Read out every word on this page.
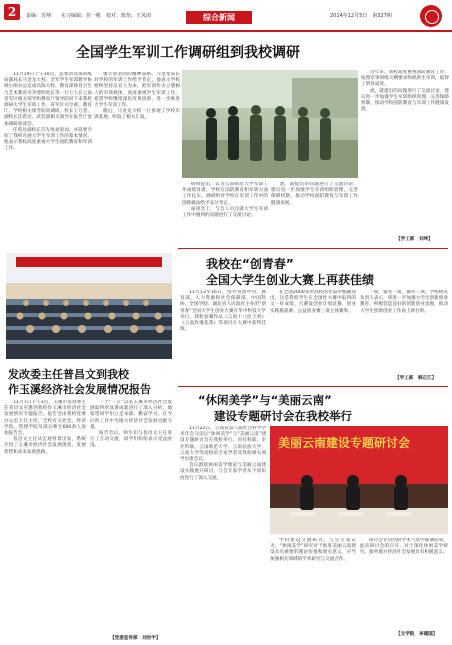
2	责编：苏翔　　实习编辑：侯一帆　校对：陈怡、王凤雨	综合新闻	2014年12月5日　第327期
全国学生军训工作调研组到我校调研

11月19日上午10点，总参动员部训练局副局长马金龙大校、全军学生军训教学协调小组办公室成员陈大校、教育部体育卫生与艺术教育司李建明处长等一行七人在云南省军区相关领导和教育厅领导陪同下来我校调研大学生军训工作，省军区司令部、教育厅、学校相关领导陪同调研。校长王万金、副校长任希达、武装部相关领导在报告厅参加调研座谈会。

任希达副校长首先致欢迎词，并简要介绍了我校开展大学生军训工作的基本情况，他表示我校高度重视大学生国防教育和军训工作。

强大而坚固的精神品格。马金龙局长对学校的军训工作给予肯定，他表示学校始终坚持以育人为本，把军训作为立德树人的有效载体，高度重视学生军训工作。希望学校继续深化改革创新，进一步推进大学生军训工作。

随后，马金龙大校一行参观了学校军训基地，听取了相关汇报。

研组提出，认为云南师范大学军训工作成绩显著，学校在国防教育和军训方面工作扎实。调研组对学校在军训工作中的创新做法给予充分肯定。

座谈会上，与会人员还就大学生军训工作中遇到的问题进行了交流讨论。

流，就提出的问题进行了交流讨论，建议进一步加强学生军训组织管理，完善保障机制，推动学校国防教育与军训工作健康发展。

近年来，我校高度重视国防教育工作，按照军事训练大纲要求组织新生军训，取得了明显成效。

流，就提出的问题进行了交流讨论，建议进一步加强学生军训组织管理，完善保障机制，推动学校国防教育与军训工作健康发展。

【学工部　刘坤】
我校在“创青春”
全国大学生创业大赛上再获佳绩

11月13至16日，由共青团中央、教育部、人力资源和社会保障部、中国科协、全国学联、湖北省人民政府主办的“创青春”全国大学生创业大赛在华中科技大学举行。我校参赛作品《云南十八怪土鸡》《云南玫瑰花茶》等项目在大赛中获得佳绩。

在全国2000多所高校的作品中脱颖而出，这是我校学生在全国性大赛中取得的又一好成绩。大赛设创业计划竞赛、创业实践挑战赛、公益创业赛三项主体赛事。

一项，银奖一项，铜奖一项。学校相关负责人表示，将进一步加强大学生创新创业教育，积极营造良好的创新创业氛围，推动大学生创新创业工作再上新台阶。

【学工部　韩正江】
发改委主任普昌文到我校
作玉溪经济社会发展情况报告

11月7日下午3点，玉溪市发改委主任普昌文应邀到我校作玉溪市经济社会发展情况专题报告。报告会由我校党委办公室主任主持，全校有关处室、经济学院、管理学院及部分师生600余人参加报告会。

普昌文主任从宏观背景出发，系统介绍了玉溪市经济社会发展现状、发展优势和未来发展思路。

一个“一五”以来玉溪市经济社会发展取得的显著成就进行了深入分析，他希望同学们立足本职、勤奋学习，在今后的工作中为地方经济社会发展贡献力量。

报告会后，师生们与普昌文主任进行了互动交流，同学们纷纷表示受益匪浅。

【党委宣传部　刘世宇】
“休闲美学”与“美丽云南”
建设专题研讨会在我校举行

11月22日，云南省第八届社会科学学术年会分论坛“休闲美学”与“美丽云南”建设专题研讨会在我校举行。省社科联、市社科联、云南师范大学、云南民族大学、云南大学等高校的专家学者及我校相关领导出席会议。

会议围绕休闲美学理论与美丽云南建设实践展开研讨，与会专家学者从不同角度进行了深入交流。

美丽云南建设专题研讨会

学科建设交流研讨。与会专家认为，“休闲美学”研究对于推进美丽云南建设具有重要的理论价值和现实意义，应当加强相关领域的学术研究与交流合作。

研讨会在热烈的学术气氛中圆满结束。此次研讨会的召开，对于深化休闲美学研究、服务地方经济社会发展具有积极意义。

【文学院　李建国】
